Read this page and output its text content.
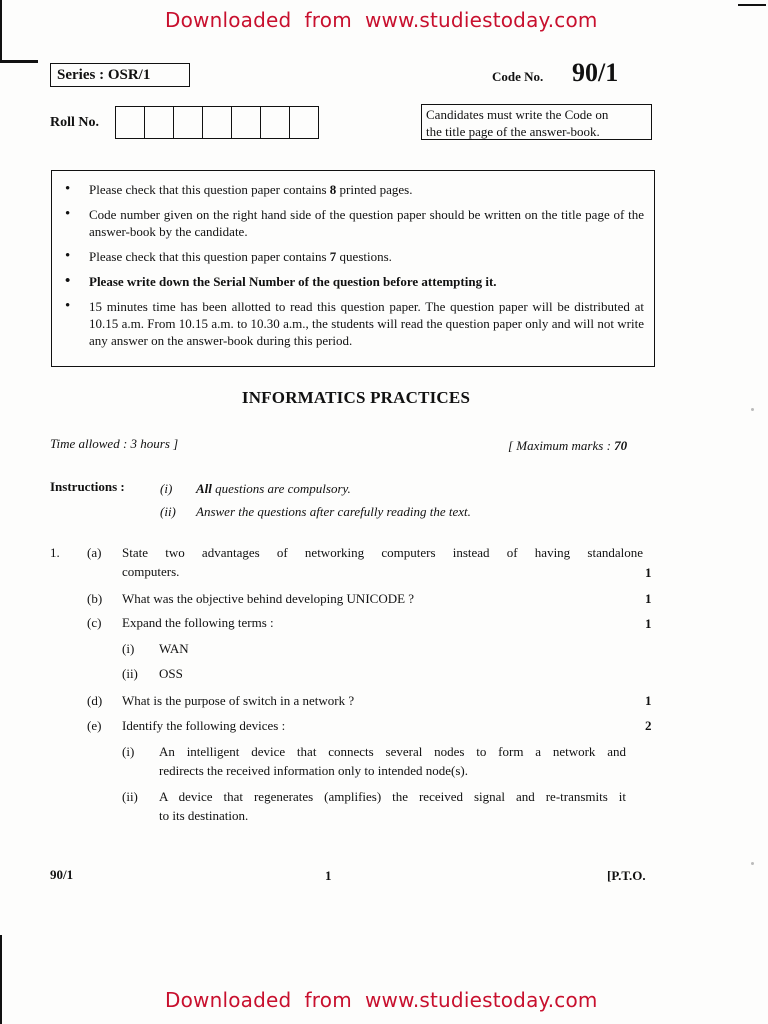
Downloaded  from  www.studiestoday.com
Downloaded  from  www.studiestoday.com
Series : OSR/1	Code No. 90/1
Roll No.
Candidates must write the Code on
the title page of the answer-book.
• Please check that this question paper contains 8 printed pages.
• Code number given on the right hand side of the question paper should be written on the title page of the answer-book by the candidate.
• Please check that this question paper contains 7 questions.
• Please write down the Serial Number of the question before attempting it.
• 15 minutes time has been allotted to read this question paper. The question paper will be distributed at 10.15 a.m. From 10.15 a.m. to 10.30 a.m., the students will read the question paper only and will not write any answer on the answer-book during this period.
INFORMATICS PRACTICES
Time allowed : 3 hours ]	[ Maximum marks : 70
Instructions :	(i) All questions are compulsory.
(ii) Answer the questions after carefully reading the text.
1. (a) State two advantages of networking computers instead of having standalone
computers.	1
(b) What was the objective behind developing UNICODE ?	1
(c) Expand the following terms :	1
(i) WAN
(ii) OSS
(d) What is the purpose of switch in a network ?	1
(e) Identify the following devices :	2
(i) An intelligent device that connects several nodes to form a network and
redirects the received information only to intended node(s).
(ii) A device that regenerates (amplifies) the received signal and re-transmits it
to its destination.
90/1	1	[P.T.O.
